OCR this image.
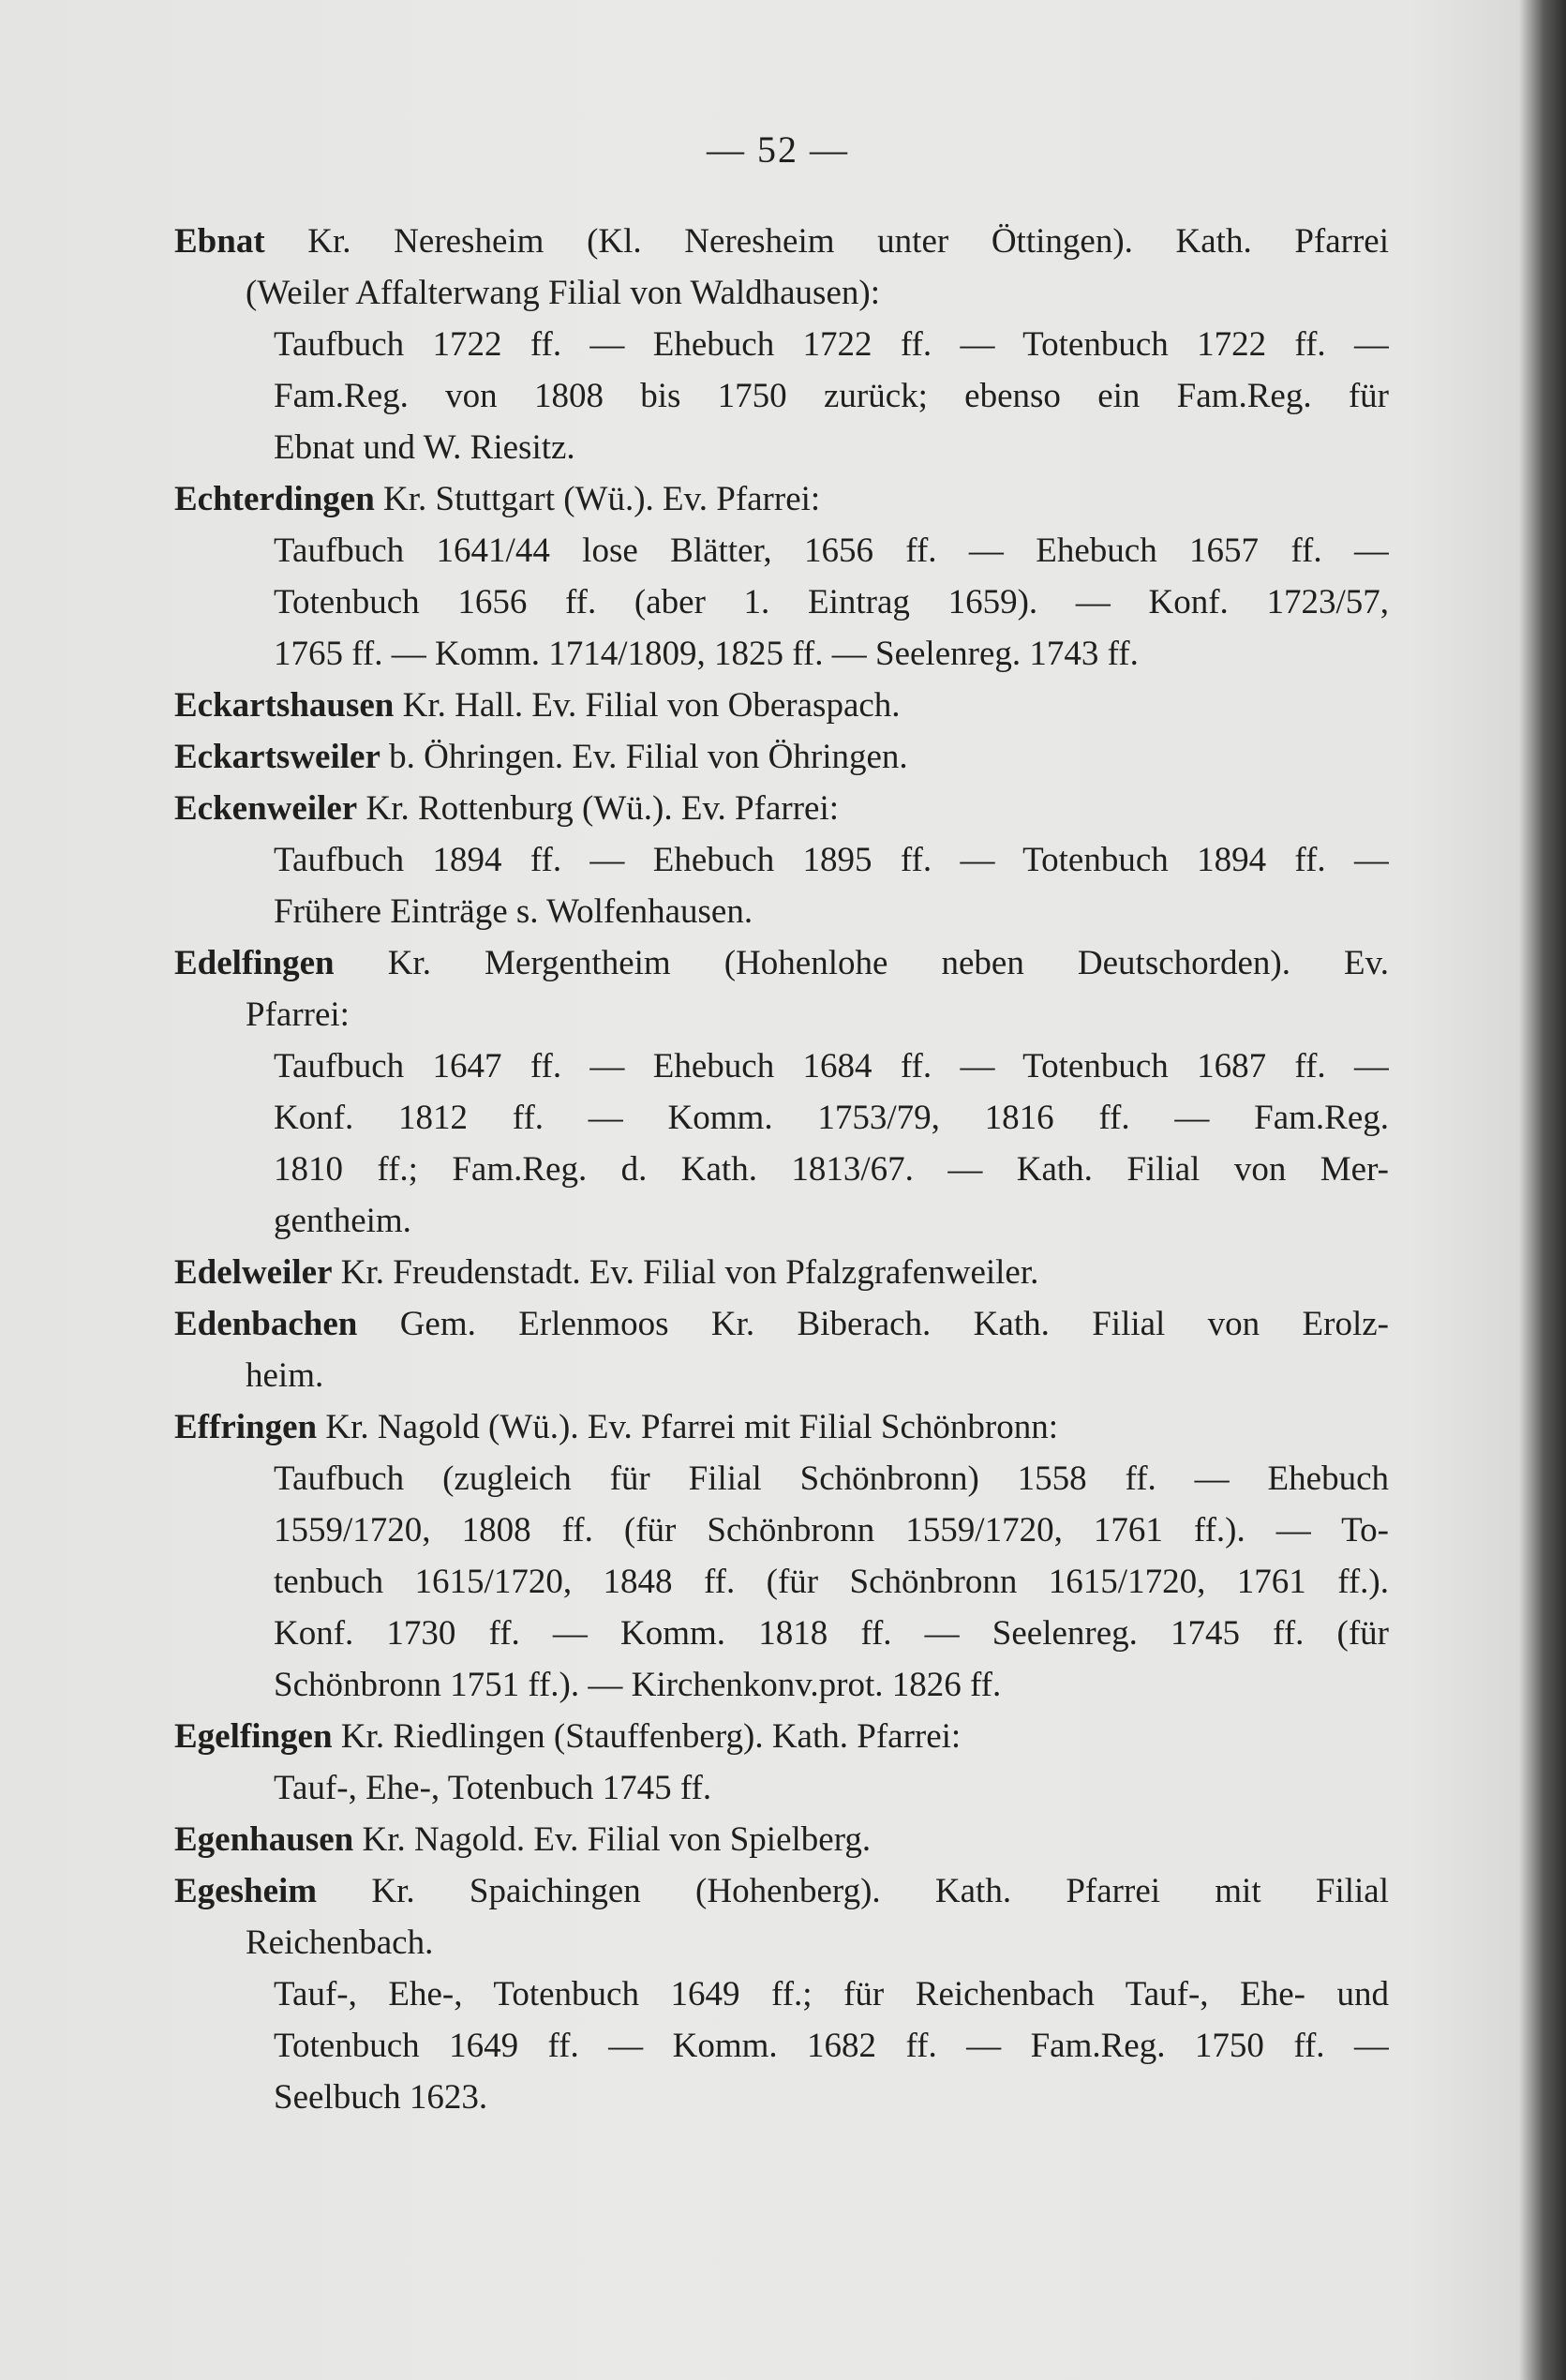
— 52 —
Ebnat Kr. Neresheim (Kl. Neresheim unter Öttingen). Kath. Pfarrei
(Weiler Affalterwang Filial von Waldhausen):
Taufbuch 1722 ff. — Ehebuch 1722 ff. — Totenbuch 1722 ff. —
Fam.Reg. von 1808 bis 1750 zurück; ebenso ein Fam.Reg. für
Ebnat und W. Riesitz.
Echterdingen Kr. Stuttgart (Wü.). Ev. Pfarrei:
Taufbuch 1641/44 lose Blätter, 1656 ff. — Ehebuch 1657 ff. —
Totenbuch 1656 ff. (aber 1. Eintrag 1659). — Konf. 1723/57,
1765 ff. — Komm. 1714/1809, 1825 ff. — Seelenreg. 1743 ff.
Eckartshausen Kr. Hall. Ev. Filial von Oberaspach.
Eckartsweiler b. Öhringen. Ev. Filial von Öhringen.
Eckenweiler Kr. Rottenburg (Wü.). Ev. Pfarrei:
Taufbuch 1894 ff. — Ehebuch 1895 ff. — Totenbuch 1894 ff. —
Frühere Einträge s. Wolfenhausen.
Edelfingen Kr. Mergentheim (Hohenlohe neben Deutschorden). Ev.
Pfarrei:
Taufbuch 1647 ff. — Ehebuch 1684 ff. — Totenbuch 1687 ff. —
Konf. 1812 ff. — Komm. 1753/79, 1816 ff. — Fam.Reg.
1810 ff.; Fam.Reg. d. Kath. 1813/67. — Kath. Filial von Mer-
gentheim.
Edelweiler Kr. Freudenstadt. Ev. Filial von Pfalzgrafenweiler.
Edenbachen Gem. Erlenmoos Kr. Biberach. Kath. Filial von Erolz-
heim.
Effringen Kr. Nagold (Wü.). Ev. Pfarrei mit Filial Schönbronn:
Taufbuch (zugleich für Filial Schönbronn) 1558 ff. — Ehebuch
1559/1720, 1808 ff. (für Schönbronn 1559/1720, 1761 ff.). — To-
tenbuch 1615/1720, 1848 ff. (für Schönbronn 1615/1720, 1761 ff.).
Konf. 1730 ff. — Komm. 1818 ff. — Seelenreg. 1745 ff. (für
Schönbronn 1751 ff.). — Kirchenkonv.prot. 1826 ff.
Egelfingen Kr. Riedlingen (Stauffenberg). Kath. Pfarrei:
Tauf-, Ehe-, Totenbuch 1745 ff.
Egenhausen Kr. Nagold. Ev. Filial von Spielberg.
Egesheim Kr. Spaichingen (Hohenberg). Kath. Pfarrei mit Filial
Reichenbach.
Tauf-, Ehe-, Totenbuch 1649 ff.; für Reichenbach Tauf-, Ehe- und
Totenbuch 1649 ff. — Komm. 1682 ff. — Fam.Reg. 1750 ff. —
Seelbuch 1623.
